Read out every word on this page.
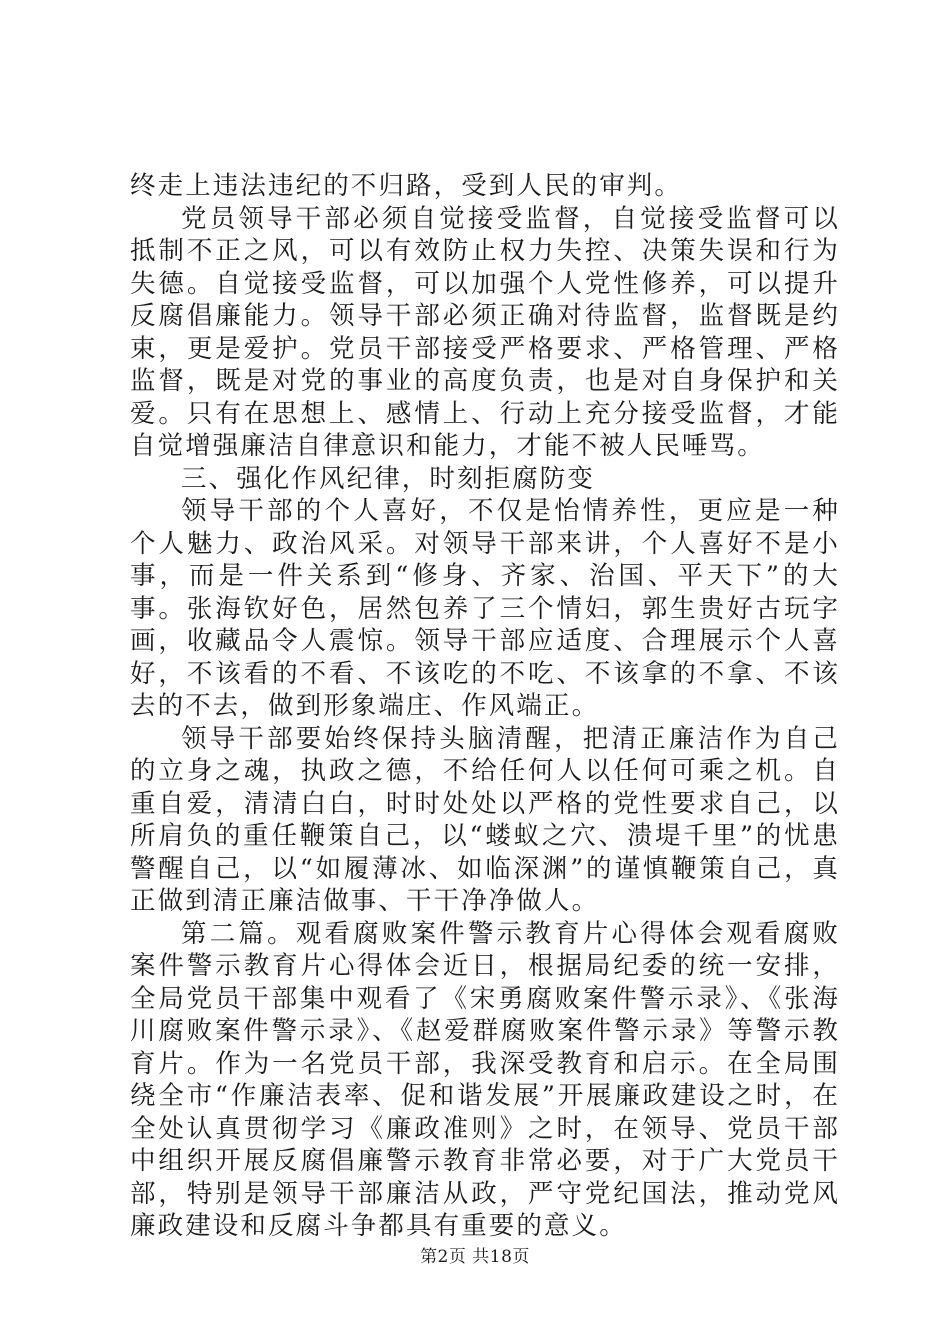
终走上违法违纪的不归路，受到人民的审判。

党员领导干部必须自觉接受监督，自觉接受监督可以抵制不正之风，可以有效防止权力失控、决策失误和行为失德。自觉接受监督，可以加强个人党性修养，可以提升反腐倡廉能力。领导干部必须正确对待监督，监督既是约束，更是爱护。党员干部接受严格要求、严格管理、严格监督，既是对党的事业的高度负责，也是对自身保护和关爱。只有在思想上、感情上、行动上充分接受监督，才能自觉增强廉洁自律意识和能力，才能不被人民唾骂。

三、强化作风纪律，时刻拒腐防变

领导干部的个人喜好，不仅是怡情养性，更应是一种个人魅力、政治风采。对领导干部来讲，个人喜好不是小事，而是一件关系到“修身、齐家、治国、平天下”的大事。张海钦好色，居然包养了三个情妇，郭生贵好古玩字画，收藏品令人震惊。领导干部应适度、合理展示个人喜好，不该看的不看、不该吃的不吃、不该拿的不拿、不该去的不去，做到形象端庄、作风端正。

领导干部要始终保持头脑清醒，把清正廉洁作为自己的立身之魂，执政之德，不给任何人以任何可乘之机。自重自爱，清清白白，时时处处以严格的党性要求自己，以所肩负的重任鞭策自己，以“蝼蚁之穴、溃堤千里”的忧患警醒自己，以“如履薄冰、如临深渊”的谨慎鞭策自己，真正做到清正廉洁做事、干干净净做人。

第二篇。观看腐败案件警示教育片心得体会观看腐败案件警示教育片心得体会近日，根据局纪委的统一安排，全局党员干部集中观看了《宋勇腐败案件警示录》、《张海川腐败案件警示录》、《赵爱群腐败案件警示录》等警示教育片。作为一名党员干部，我深受教育和启示。在全局围绕全市“作廉洁表率、促和谐发展”开展廉政建设之时，在全处认真贯彻学习《廉政准则》之时，在领导、党员干部中组织开展反腐倡廉警示教育非常必要，对于广大党员干部，特别是领导干部廉洁从政，严守党纪国法，推动党风廉政建设和反腐斗争都具有重要的意义。

第2页 共18页
